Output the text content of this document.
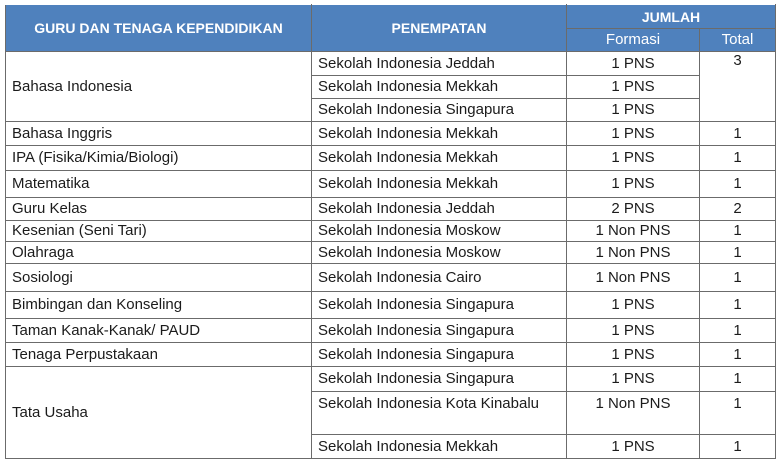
GURU DAN TENAGA KEPENDIDIKAN	PENEMPATAN	JUMLAH	
		Formasi	Total
Bahasa Indonesia	Sekolah Indonesia Jeddah	1 PNS	3
	Sekolah Indonesia Mekkah	1 PNS	
	Sekolah Indonesia Singapura	1 PNS	
Bahasa Inggris	Sekolah Indonesia Mekkah	1 PNS	1
IPA (Fisika/Kimia/Biologi)	Sekolah Indonesia Mekkah	1 PNS	1
Matematika	Sekolah Indonesia Mekkah	1 PNS	1
Guru Kelas	Sekolah Indonesia Jeddah	2 PNS	2
Kesenian (Seni Tari)	Sekolah Indonesia Moskow	1 Non PNS	1
Olahraga	Sekolah Indonesia Moskow	1 Non PNS	1
Sosiologi	Sekolah Indonesia Cairo	1 Non PNS	1
Bimbingan dan Konseling	Sekolah Indonesia Singapura	1 PNS	1
Taman Kanak-Kanak/ PAUD	Sekolah Indonesia Singapura	1 PNS	1
Tenaga Perpustakaan	Sekolah Indonesia Singapura	1 PNS	1
Tata Usaha	Sekolah Indonesia Singapura	1 PNS	1
	Sekolah Indonesia Kota Kinabalu	1 Non PNS	1
	Sekolah Indonesia Mekkah	1 PNS	1
